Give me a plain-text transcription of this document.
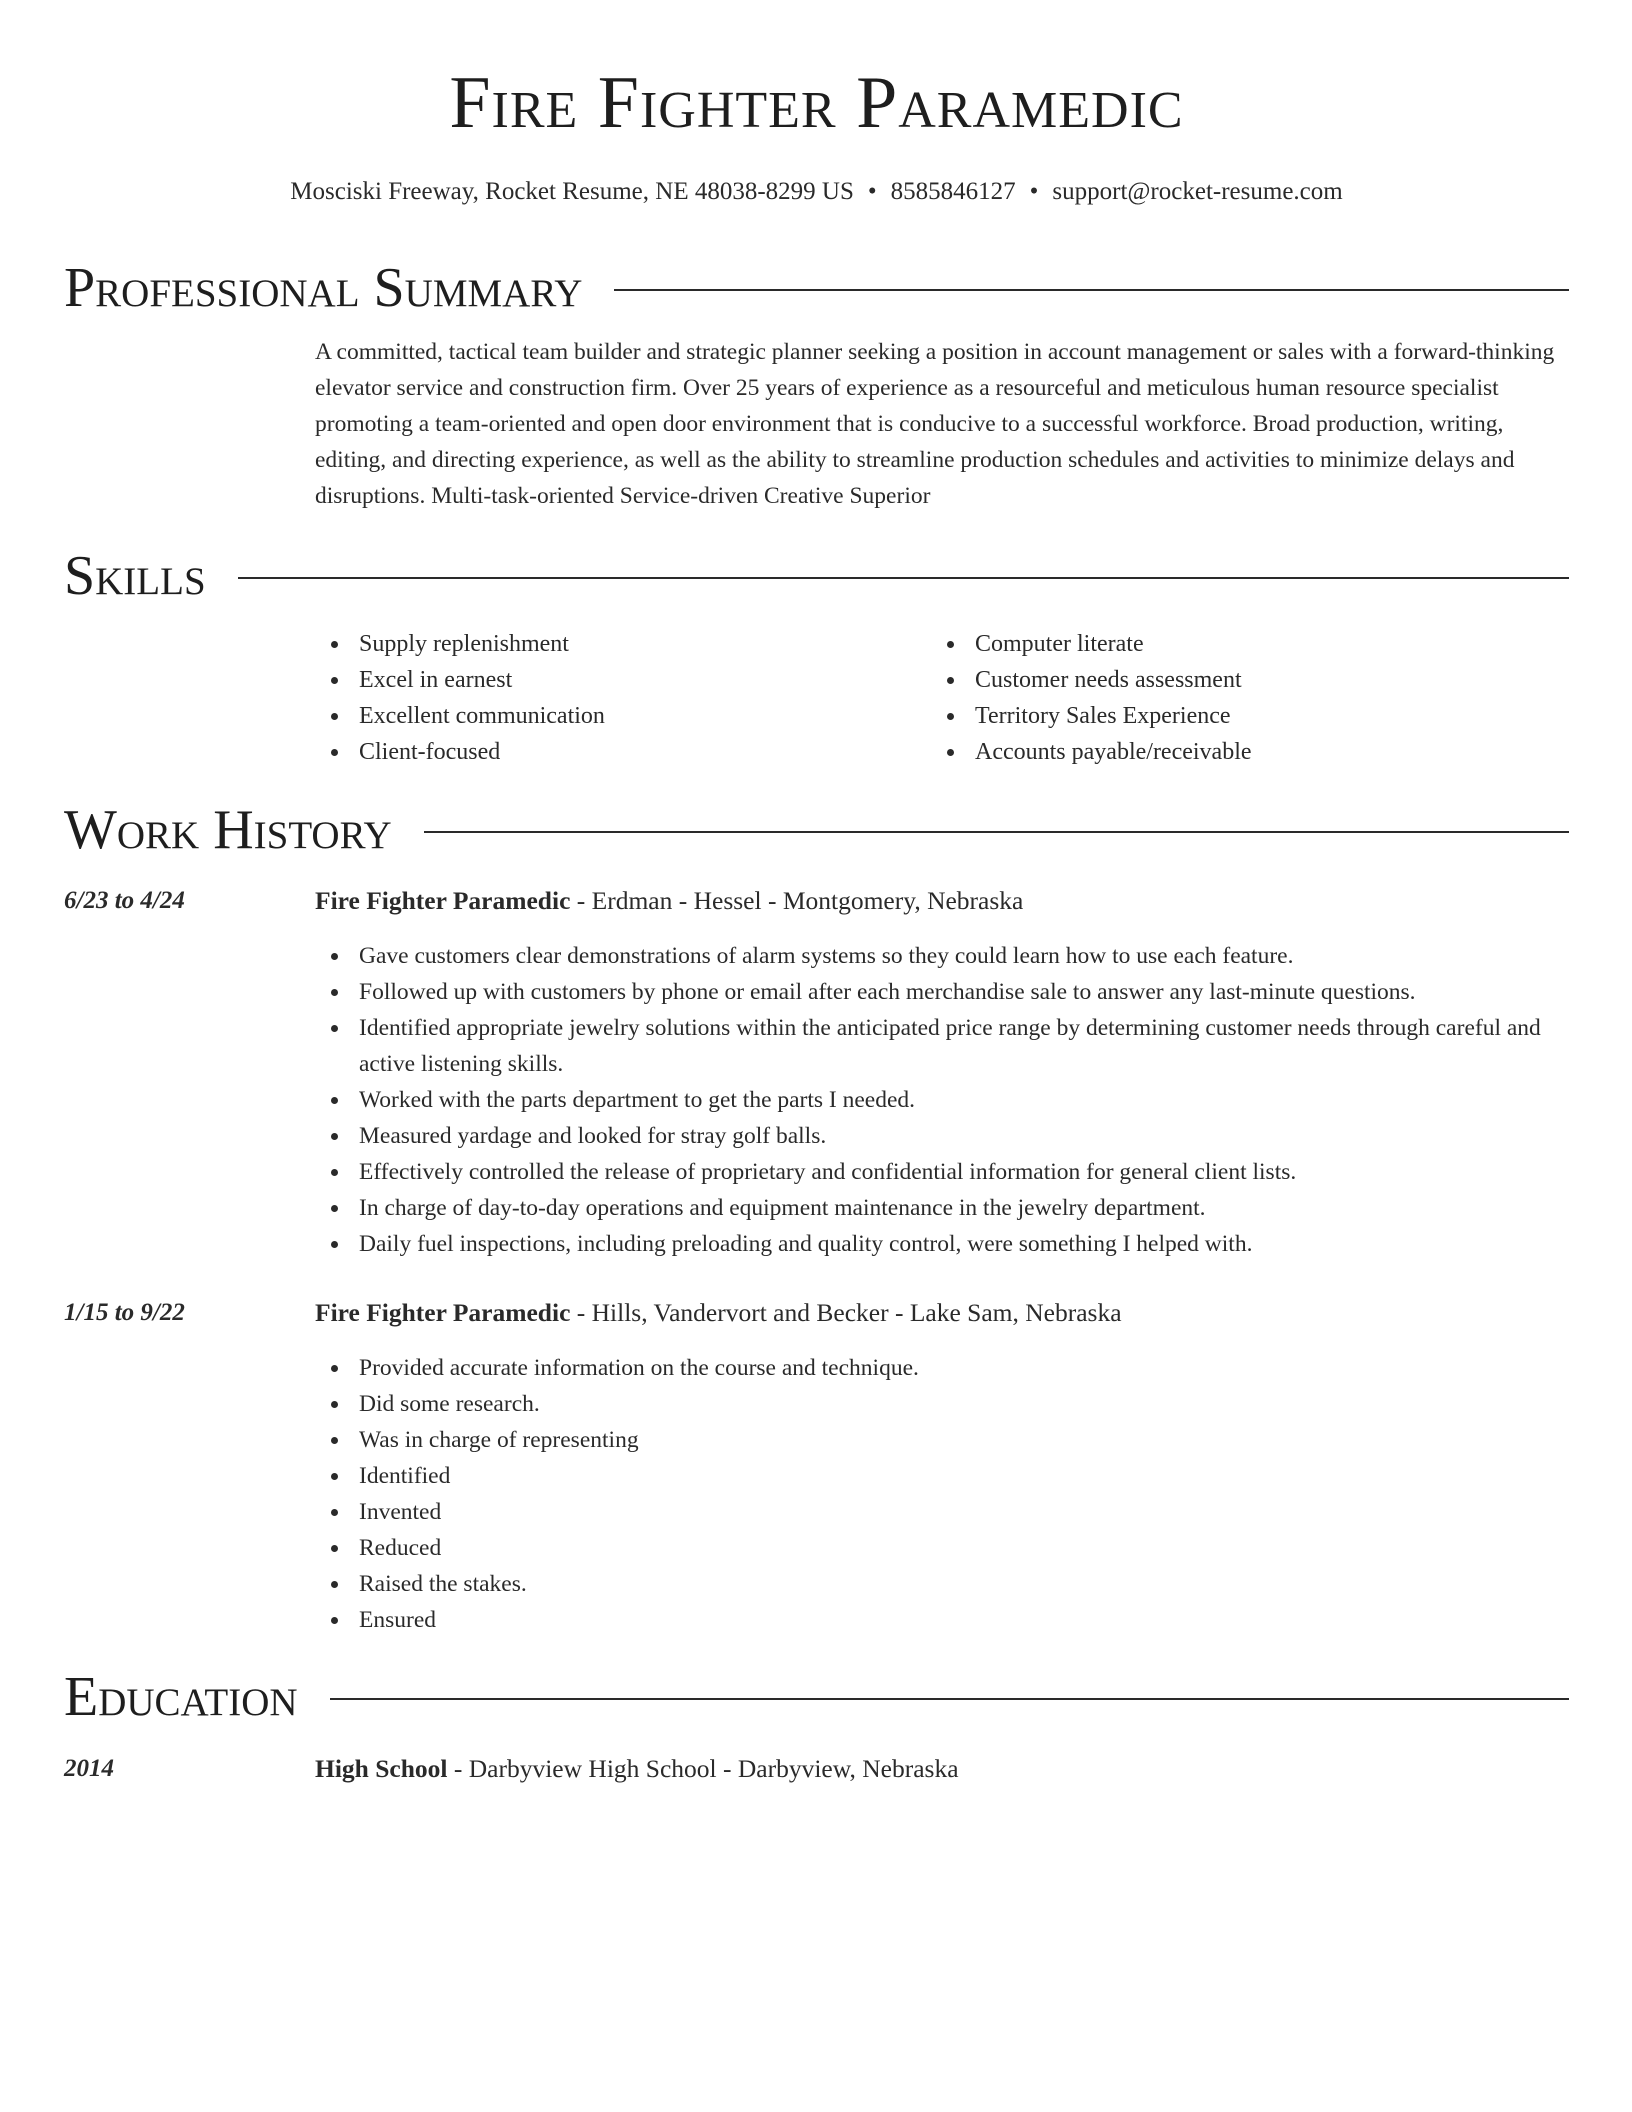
Fire Fighter Paramedic
Mosciski Freeway, Rocket Resume, NE 48038-8299 US • 8585846127 • support@rocket-resume.com
Professional Summary
A committed, tactical team builder and strategic planner seeking a position in account management or sales with a forward-thinking elevator service and construction firm. Over 25 years of experience as a resourceful and meticulous human resource specialist promoting a team-oriented and open door environment that is conducive to a successful workforce. Broad production, writing, editing, and directing experience, as well as the ability to streamline production schedules and activities to minimize delays and disruptions. Multi-task-oriented Service-driven Creative Superior
Skills
Supply replenishment
Excel in earnest
Excellent communication
Client-focused
Computer literate
Customer needs assessment
Territory Sales Experience
Accounts payable/receivable
Work History
6/23 to 4/24	Fire Fighter Paramedic - Erdman - Hessel - Montgomery, Nebraska
Gave customers clear demonstrations of alarm systems so they could learn how to use each feature.
Followed up with customers by phone or email after each merchandise sale to answer any last-minute questions.
Identified appropriate jewelry solutions within the anticipated price range by determining customer needs through careful and active listening skills.
Worked with the parts department to get the parts I needed.
Measured yardage and looked for stray golf balls.
Effectively controlled the release of proprietary and confidential information for general client lists.
In charge of day-to-day operations and equipment maintenance in the jewelry department.
Daily fuel inspections, including preloading and quality control, were something I helped with.
1/15 to 9/22	Fire Fighter Paramedic - Hills, Vandervort and Becker - Lake Sam, Nebraska
Provided accurate information on the course and technique.
Did some research.
Was in charge of representing
Identified
Invented
Reduced
Raised the stakes.
Ensured
Education
2014	High School - Darbyview High School - Darbyview, Nebraska
